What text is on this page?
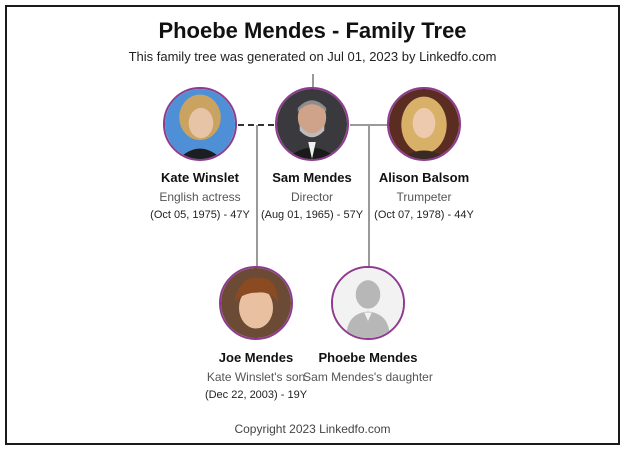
Phoebe Mendes - Family Tree
This family tree was generated on Jul 01, 2023 by Linkedfo.com
Kate Winslet
English actress
(Oct 05, 1975) - 47Y
Sam Mendes
Director
(Aug 01, 1965) - 57Y
Alison Balsom
Trumpeter
(Oct 07, 1978) - 44Y
Joe Mendes
Kate Winslet's son
(Dec 22, 2003) - 19Y
Phoebe Mendes
Sam Mendes's daughter
Copyright 2023 Linkedfo.com
